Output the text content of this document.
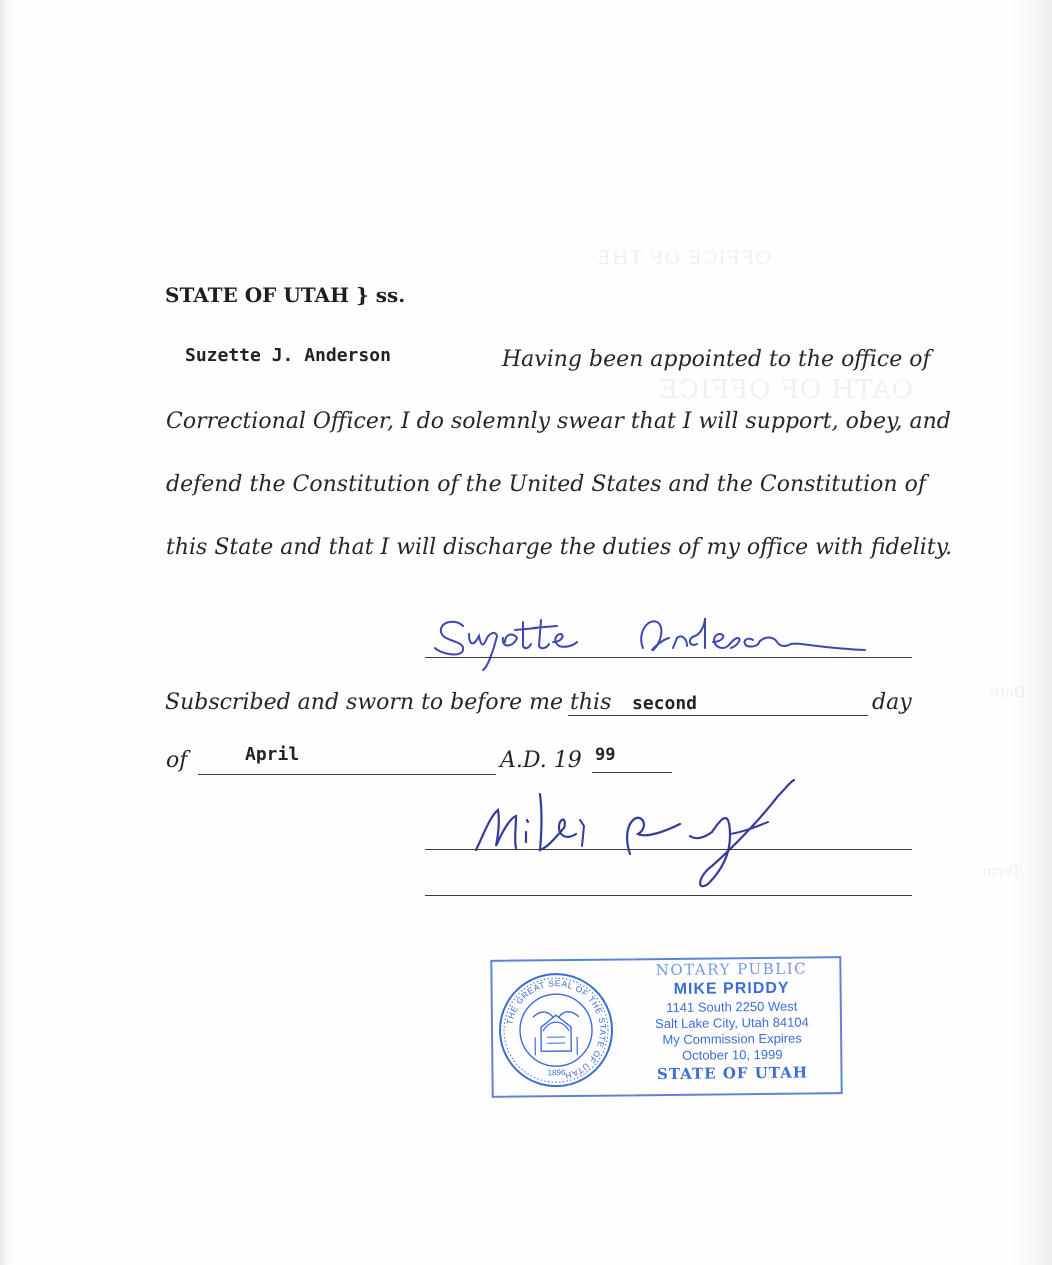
OFFICE OF THE
OATH OF OFFICE
Date
Term
STATE OF UTAH } ss.
Suzette J. Anderson	Having been appointed to the office of
Correctional Officer, I do solemnly swear that I will support, obey, and
defend the Constitution of the United States and the Constitution of
this State and that I will discharge the duties of my office with fidelity.
Subscribed and sworn to before me this second	day
of	April	A.D. 19 99
THE GREAT SEAL OF THE STATE OF UTAH
1896
NOTARY PUBLIC
MIKE PRIDDY
1141 South 2250 West
Salt Lake City, Utah 84104
My Commission Expires
October 10, 1999
STATE OF UTAH
